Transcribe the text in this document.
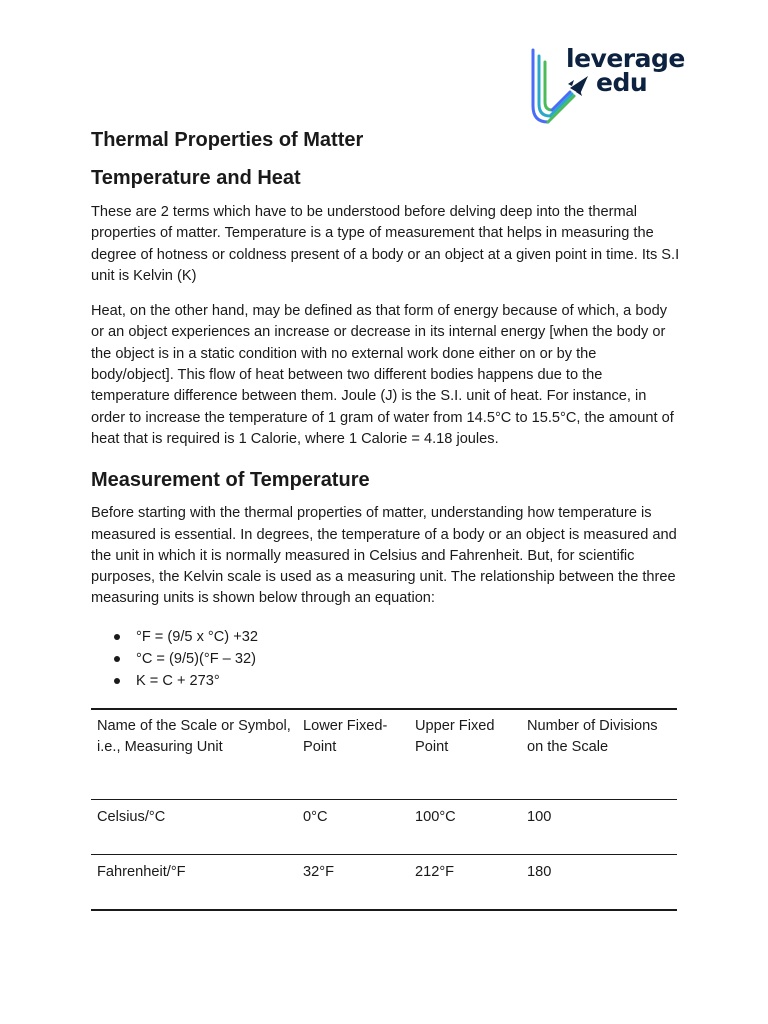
leverage
edu
Thermal Properties of Matter
Temperature and Heat

These are 2 terms which have to be understood before delving deep into the thermal properties of matter. Temperature is a type of measurement that helps in measuring the degree of hotness or coldness present of a body or an object at a given point in time. Its S.I unit is Kelvin (K)

Heat, on the other hand, may be defined as that form of energy because of which, a body or an object experiences an increase or decrease in its internal energy [when the body or the object is in a static condition with no external work done either on or by the body/object]. This flow of heat between two different bodies happens due to the temperature difference between them. Joule (J) is the S.I. unit of heat. For instance, in order to increase the temperature of 1 gram of water from 14.5°C to 15.5°C, the amount of heat that is required is 1 Calorie, where 1 Calorie = 4.18 joules.

Measurement of Temperature

Before starting with the thermal properties of matter, understanding how temperature is measured is essential. In degrees, the temperature of a body or an object is measured and the unit in which it is normally measured in Celsius and Fahrenheit. But, for scientific purposes, the Kelvin scale is used as a measuring unit. The relationship between the three measuring units is shown below through an equation:

°F = (9/5 x °C) +32
°C = (9/5)(°F – 32)
K = C + 273°
Name of the Scale or Symbol, i.e., Measuring Unit	Lower Fixed-Point	Upper Fixed Point	Number of Divisions on the Scale
Celsius/°C	0°C	100°C	100
Fahrenheit/°F	32°F	212°F	180
